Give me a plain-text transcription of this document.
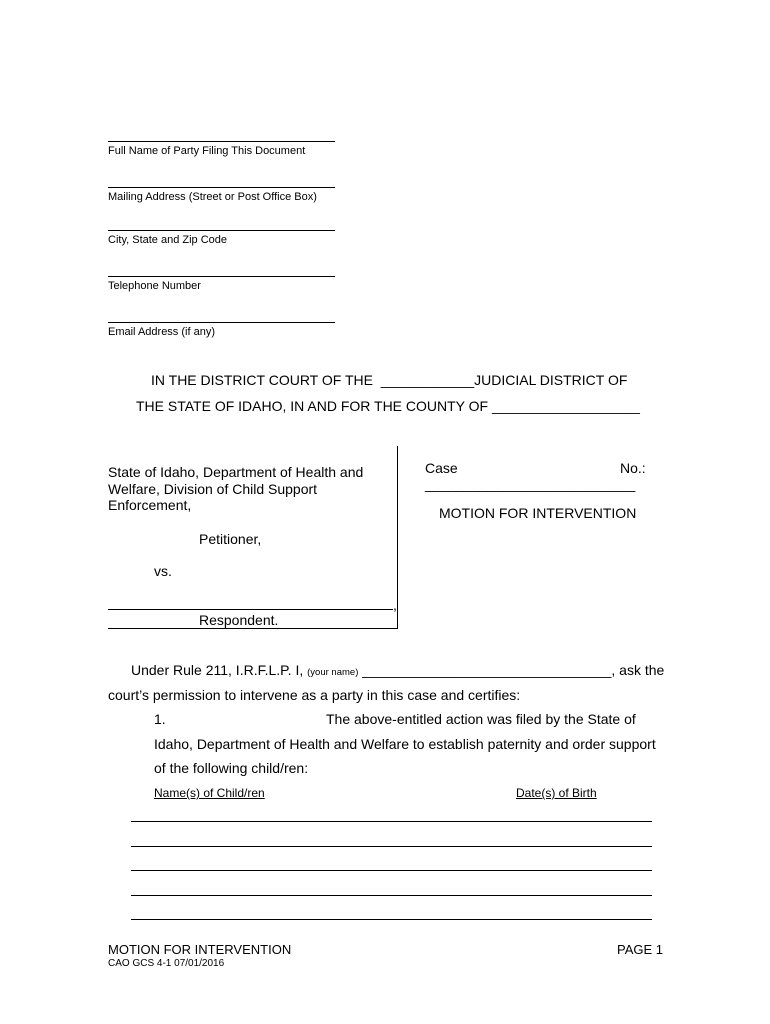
Full Name of Party Filing This Document
Mailing Address (Street or Post Office Box)
City, State and Zip Code
Telephone Number
Email Address (if any)
IN THE DISTRICT COURT OF THE ____________JUDICIAL DISTRICT OF
THE STATE OF IDAHO, IN AND FOR THE COUNTY OF ___________________
State of Idaho, Department of Health and
Welfare, Division of Child Support
Enforcement,
Petitioner,
vs.
,
Respondent.
Case	No.:
___________________________
MOTION FOR INTERVENTION
Under Rule 211, I.R.F.L.P. I, (your name) ________________________________, ask the
court’s permission to intervene as a party in this case and certifies:
1.	The above-entitled action was filed by the State of
Idaho, Department of Health and Welfare to establish paternity and order support
of the following child/ren:
Name(s) of Child/ren	Date(s) of Birth
MOTION FOR INTERVENTION
CAO GCS 4-1 07/01/2016
PAGE 1
